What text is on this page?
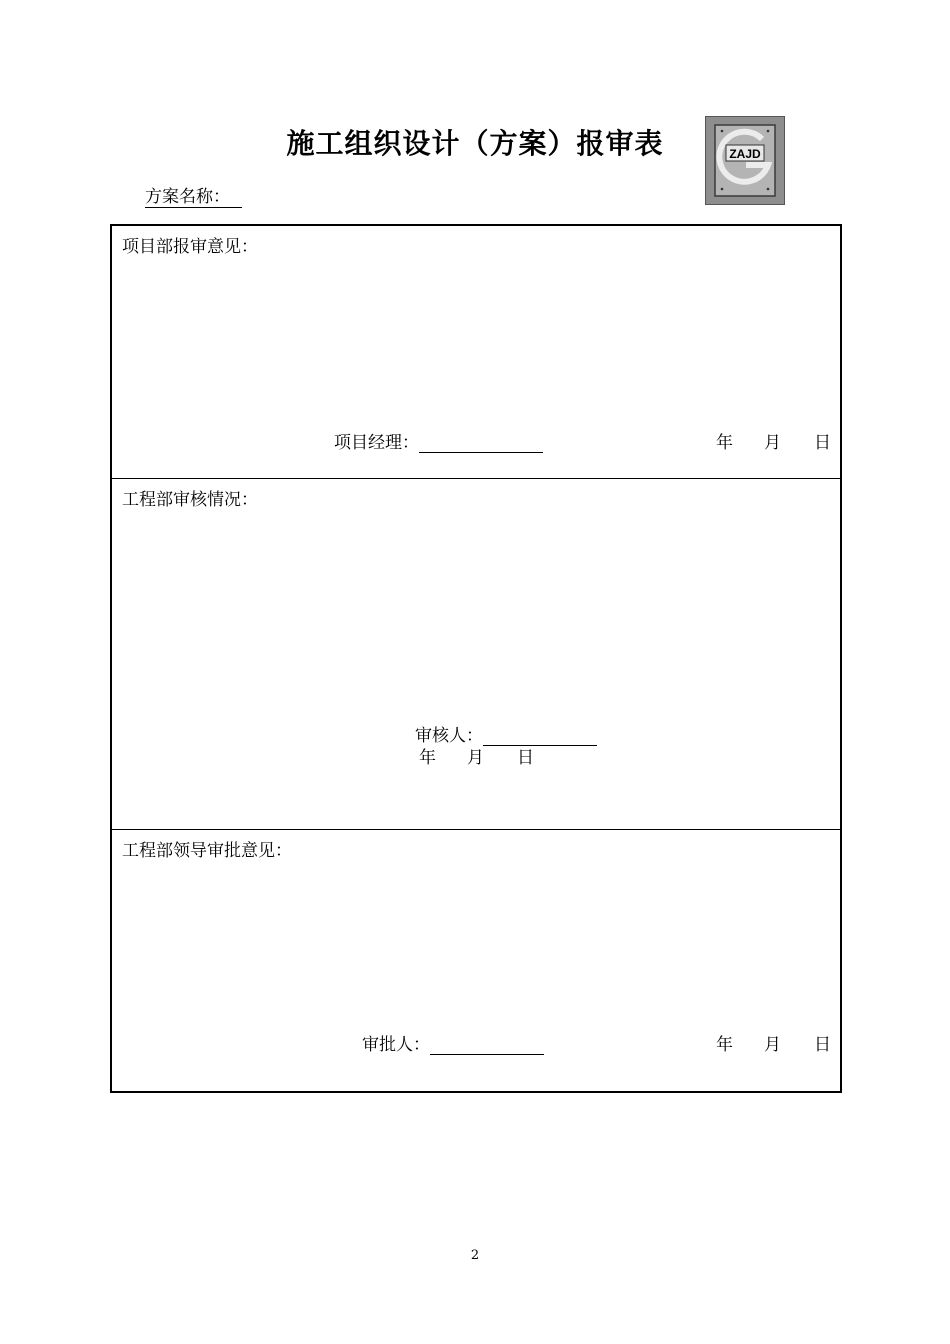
施工组织设计（方案）报审表	ZAJD
方案名称：
项目部报审意见：
项目经理：	年 月 日
工程部审核情况：
审核人：
年 月 日
工程部领导审批意见：
审批人：	年 月 日
2
